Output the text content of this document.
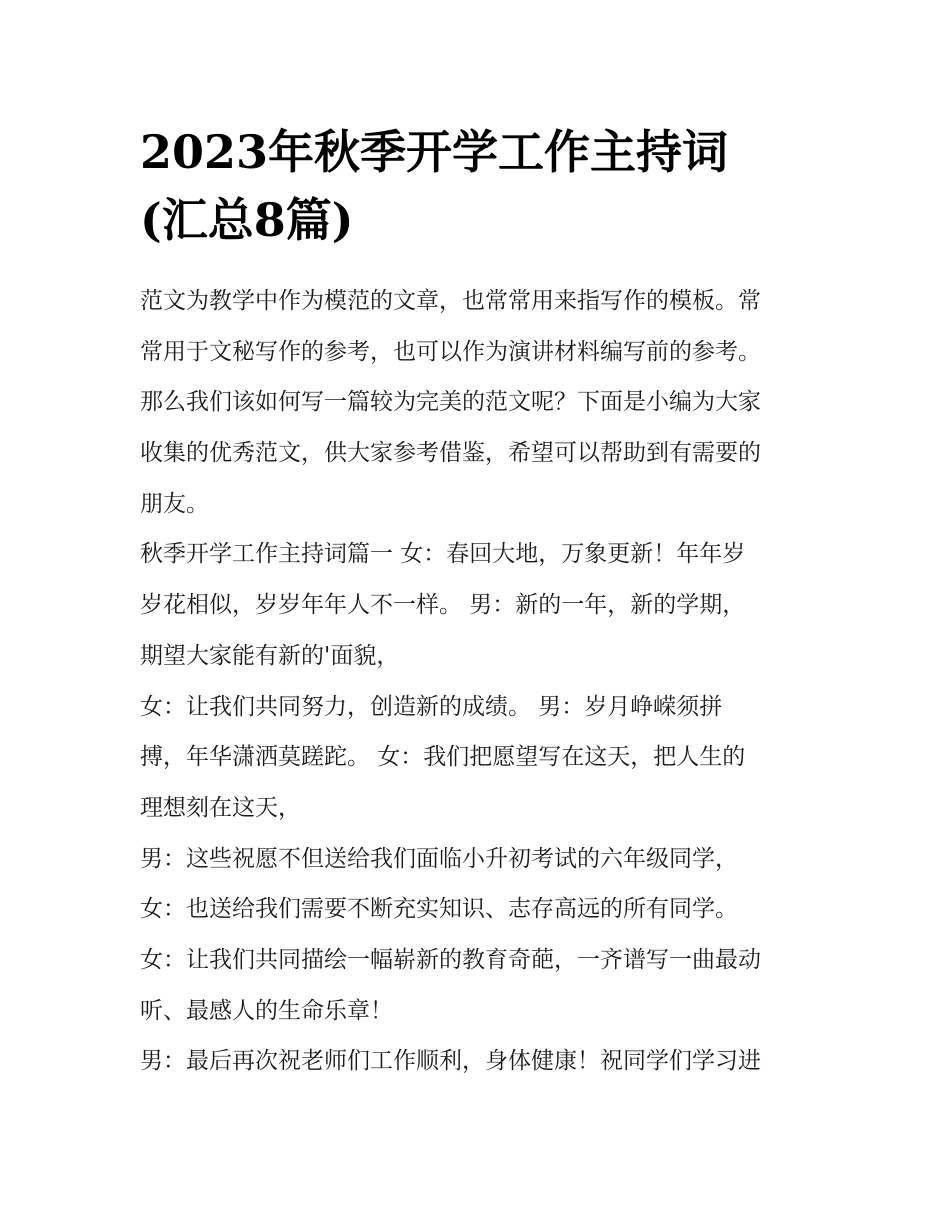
2023年秋季开学工作主持词
(汇总8篇)
范文为教学中作为模范的文章，也常常用来指写作的模板。常
常用于文秘写作的参考，也可以作为演讲材料编写前的参考。
那么我们该如何写一篇较为完美的范文呢？下面是小编为大家
收集的优秀范文，供大家参考借鉴，希望可以帮助到有需要的
朋友。
秋季开学工作主持词篇一 女：春回大地，万象更新！年年岁
岁花相似，岁岁年年人不一样。 男：新的一年，新的学期，
期望大家能有新的'面貌，
女：让我们共同努力，创造新的成绩。 男：岁月峥嵘须拼
搏，年华潇洒莫蹉跎。 女：我们把愿望写在这天，把人生的
理想刻在这天，
男：这些祝愿不但送给我们面临小升初考试的六年级同学，
女：也送给我们需要不断充实知识、志存高远的所有同学。
女：让我们共同描绘一幅崭新的教育奇葩，一齐谱写一曲最动
听、最感人的生命乐章！
男：最后再次祝老师们工作顺利，身体健康！祝同学们学习进
